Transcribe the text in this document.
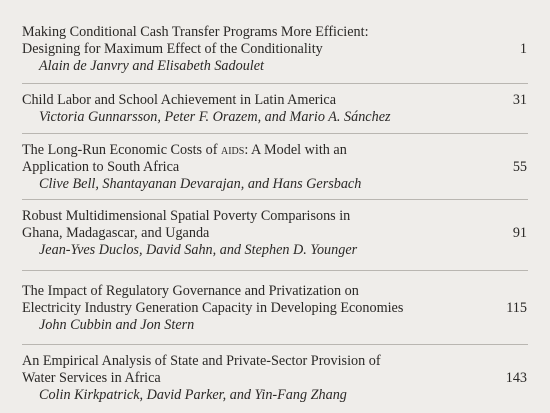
Making Conditional Cash Transfer Programs More Efficient:
Designing for Maximum Effect of the Conditionality
Alain de Janvry and Elisabeth Sadoulet
1
Child Labor and School Achievement in Latin America
Victoria Gunnarsson, Peter F. Orazem, and Mario A. Sánchez
31
The Long-Run Economic Costs of aids: A Model with an
Application to South Africa
Clive Bell, Shantayanan Devarajan, and Hans Gersbach
55
Robust Multidimensional Spatial Poverty Comparisons in
Ghana, Madagascar, and Uganda
Jean-Yves Duclos, David Sahn, and Stephen D. Younger
91
The Impact of Regulatory Governance and Privatization on
Electricity Industry Generation Capacity in Developing Economies
John Cubbin and Jon Stern
115
An Empirical Analysis of State and Private-Sector Provision of
Water Services in Africa
Colin Kirkpatrick, David Parker, and Yin-Fang Zhang
143
